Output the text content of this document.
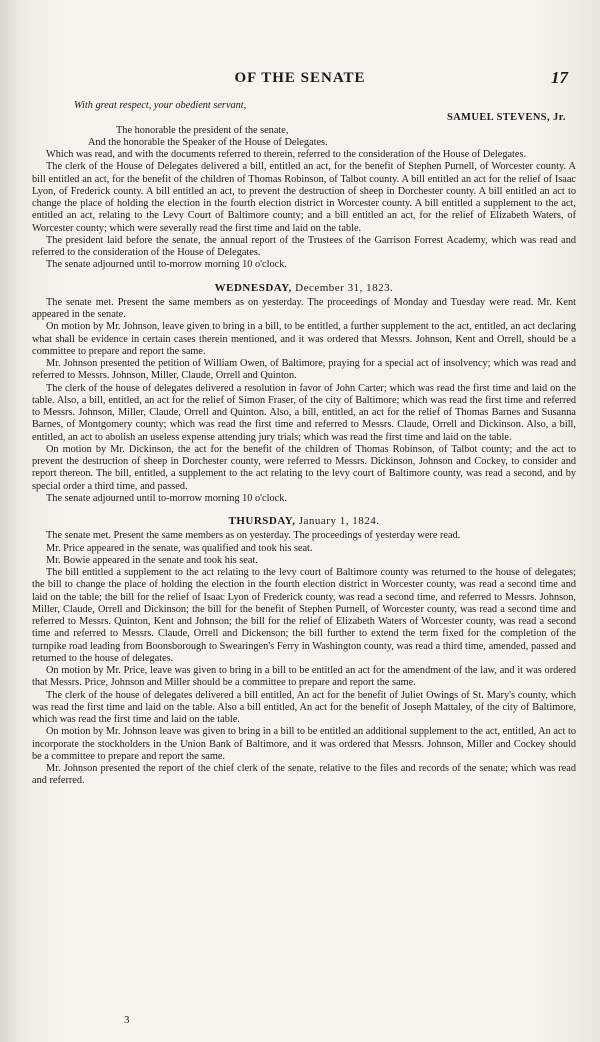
OF THE SENATE	17

With great respect, your obedient servant,

SAMUEL STEVENS, Jr.

The honorable the president of the senate,

And the honorable the Speaker of the House of Delegates.

Which was read, and with the documents referred to therein, referred to the consideration of the House of Delegates.

The clerk of the House of Delegates delivered a bill, entitled an act, for the benefit of Stephen Purnell, of Worcester county. A bill entitled an act, for the benefit of the children of Thomas Robinson, of Talbot county. A bill entitled an act for the relief of Isaac Lyon, of Frederick county. A bill entitled an act, to prevent the destruction of sheep in Dorchester county. A bill entitled an act to change the place of holding the election in the fourth election district in Worcester county. A bill entitled a supplement to the act, entitled an act, relating to the Levy Court of Baltimore county; and a bill entitled an act, for the relief of Elizabeth Waters, of Worcester county; which were severally read the first time and laid on the table.

The president laid before the senate, the annual report of the Trustees of the Garrison Forrest Academy, which was read and referred to the consideration of the House of Delegates.

The senate adjourned until to-morrow morning 10 o'clock.

WEDNESDAY, December 31, 1823.

The senate met. Present the same members as on yesterday. The proceedings of Monday and Tuesday were read. Mr. Kent appeared in the senate.

On motion by Mr. Johnson, leave given to bring in a bill, to be entitled, a further supplement to the act, entitled, an act declaring what shall be evidence in certain cases therein mentioned, and it was ordered that Messrs. Johnson, Kent and Orrell, should be a committee to prepare and report the same.

Mr. Johnson presented the petition of William Owen, of Baltimore, praying for a special act of insolvency; which was read and referred to Messrs. Johnson, Miller, Claude, Orrell and Quinton.

The clerk of the house of delegates delivered a resolution in favor of John Carter; which was read the first time and laid on the table. Also, a bill, entitled, an act for the relief of Simon Fraser, of the city of Baltimore; which was read the first time and referred to Messrs. Johnson, Miller, Claude, Orrell and Quinton. Also, a bill, entitled, an act for the relief of Thomas Barnes and Susanna Barnes, of Montgomery county; which was read the first time and referred to Messrs. Claude, Orrell and Dickinson. Also, a bill, entitled, an act to abolish an useless expense attending jury trials; which was read the first time and laid on the table.

On motion by Mr. Dickinson, the act for the benefit of the children of Thomas Robinson, of Talbot county; and the act to prevent the destruction of sheep in Dorchester county, were referred to Messrs. Dickinson, Johnson and Cockey, to consider and report thereon. The bill, entitled, a supplement to the act relating to the levy court of Baltimore county, was read a second, and by special order a third time, and passed.

The senate adjourned until to-morrow morning 10 o'clock.

THURSDAY, January 1, 1824.

The senate met. Present the same members as on yesterday. The proceedings of yesterday were read.

Mr. Price appeared in the senate, was qualified and took his seat.

Mr. Bowie appeared in the senate and took his seat.

The bill entitled a supplement to the act relating to the levy court of Baltimore county was returned to the house of delegates; the bill to change the place of holding the election in the fourth election district in Worcester county, was read a second time and laid on the table; the bill for the relief of Isaac Lyon of Frederick county, was read a second time, and referred to Messrs. Johnson, Miller, Claude, Orrell and Dickinson; the bill for the benefit of Stephen Purnell, of Worcester county, was read a second time and referred to Messrs. Quinton, Kent and Johnson; the bill for the relief of Elizabeth Waters of Worcester county, was read a second time and referred to Messrs. Claude, Orrell and Dickenson; the bill further to extend the term fixed for the completion of the turnpike road leading from Boonsborough to Swearingen's Ferry in Washington county, was read a third time, amended, passed and returned to the house of delegates.

On motion by Mr. Price, leave was given to bring in a bill to be entitled an act for the amendment of the law, and it was ordered that Messrs. Price, Johnson and Miller should be a committee to prepare and report the same.

The clerk of the house of delegates delivered a bill entitled, An act for the benefit of Juliet Owings of St. Mary's county, which was read the first time and laid on the table. Also a bill entitled, An act for the benefit of Joseph Mattaley, of the city of Baltimore, which was read the first time and laid on the table.

On motion by Mr. Johnson leave was given to bring in a bill to be entitled an additional supplement to the act, entitled, An act to incorporate the stockholders in the Union Bank of Baltimore, and it was ordered that Messrs. Johnson, Miller and Cockey should be a committee to prepare and report the same.

Mr. Johnson presented the report of the chief clerk of the senate, relative to the files and records of the senate; which was read and referred.

3
